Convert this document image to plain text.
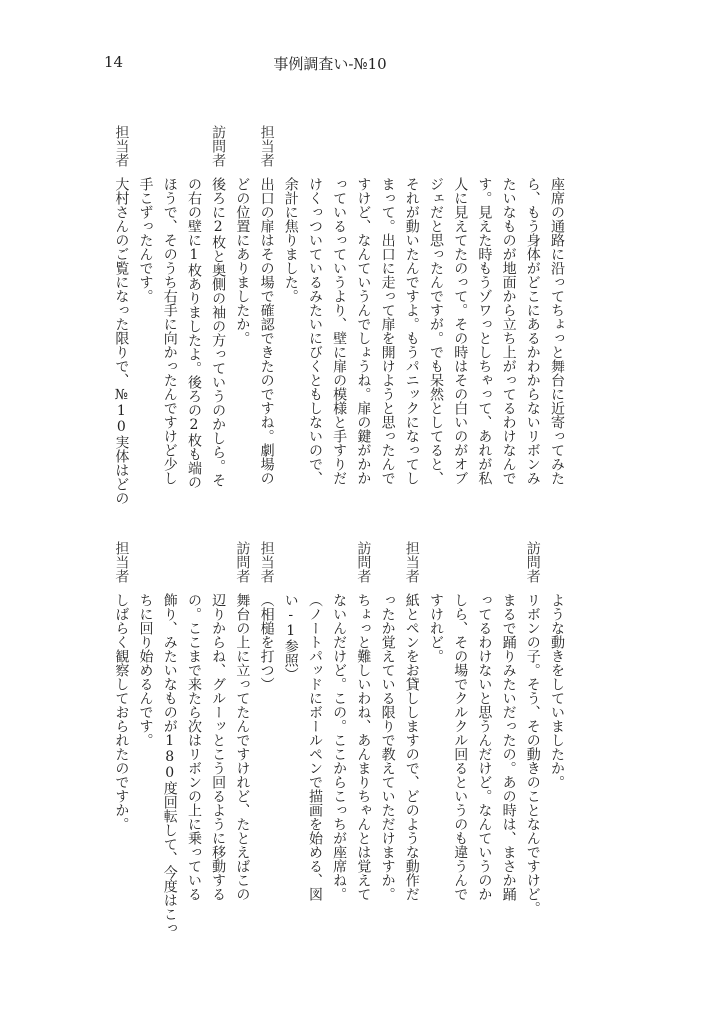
14	事例調査い-№10
座席の通路に沿ってちょっと舞台に近寄ってみた
ら、もう身体がどこにあるかわからないリボンみ
たいなものが地面から立ち上がってるわけなんで
す。見えた時もうゾワっとしちゃって、あれが私
人に見えてたのって。その時はその白いのがオブ
ジェだと思ったんですが。でも呆然としてると、
それが動いたんですよ。もうパニックになってし
まって。出口に走って扉を開けようと思ったんで
すけど、なんていうんでしょうね。扉の鍵がかか
っているっていうより、壁に扉の模様と手すりだ
けくっついているみたいにびくともしないので、
余計に焦りました。
担当者出口の扉はその場で確認できたのですね。劇場の
どの位置にありましたか。
訪問者後ろに2枚と奥側の袖の方っていうのかしら。そ
の右の壁に1枚ありましたよ。後ろの2枚も端の
ほうで、そのうち右手に向かったんですけど少し
手こずったんです。
担当者大村さんのご覧になった限りで、№10実体はどの
ような動きをしていましたか。
訪問者リボンの子。そう、その動きのことなんですけど。
まるで踊りみたいだったの。あの時は、まさか踊
ってるわけないと思うんだけど。なんていうのか
しら、その場でクルクル回るというのも違うんで
すけれど。
担当者紙とペンをお貸ししますので、どのような動作だ
ったか覚えている限りで教えていただけますか。
訪問者ちょっと難しいわね、あんまりちゃんとは覚えて
ないんだけど。この。ここからこっちが座席ね。
（ノートパッドにボールペンで描画を始める、図
い-1参照）
担当者（相槌を打つ）
訪問者舞台の上に立ってたんですけれど、たとえばこの
辺りからね、グルーッとこう回るように移動する
の。ここまで来たら次はリボンの上に乗っている
飾り、みたいなものが180度回転して、今度はこっ
ちに回り始めるんです。
担当者しばらく観察しておられたのですか。
